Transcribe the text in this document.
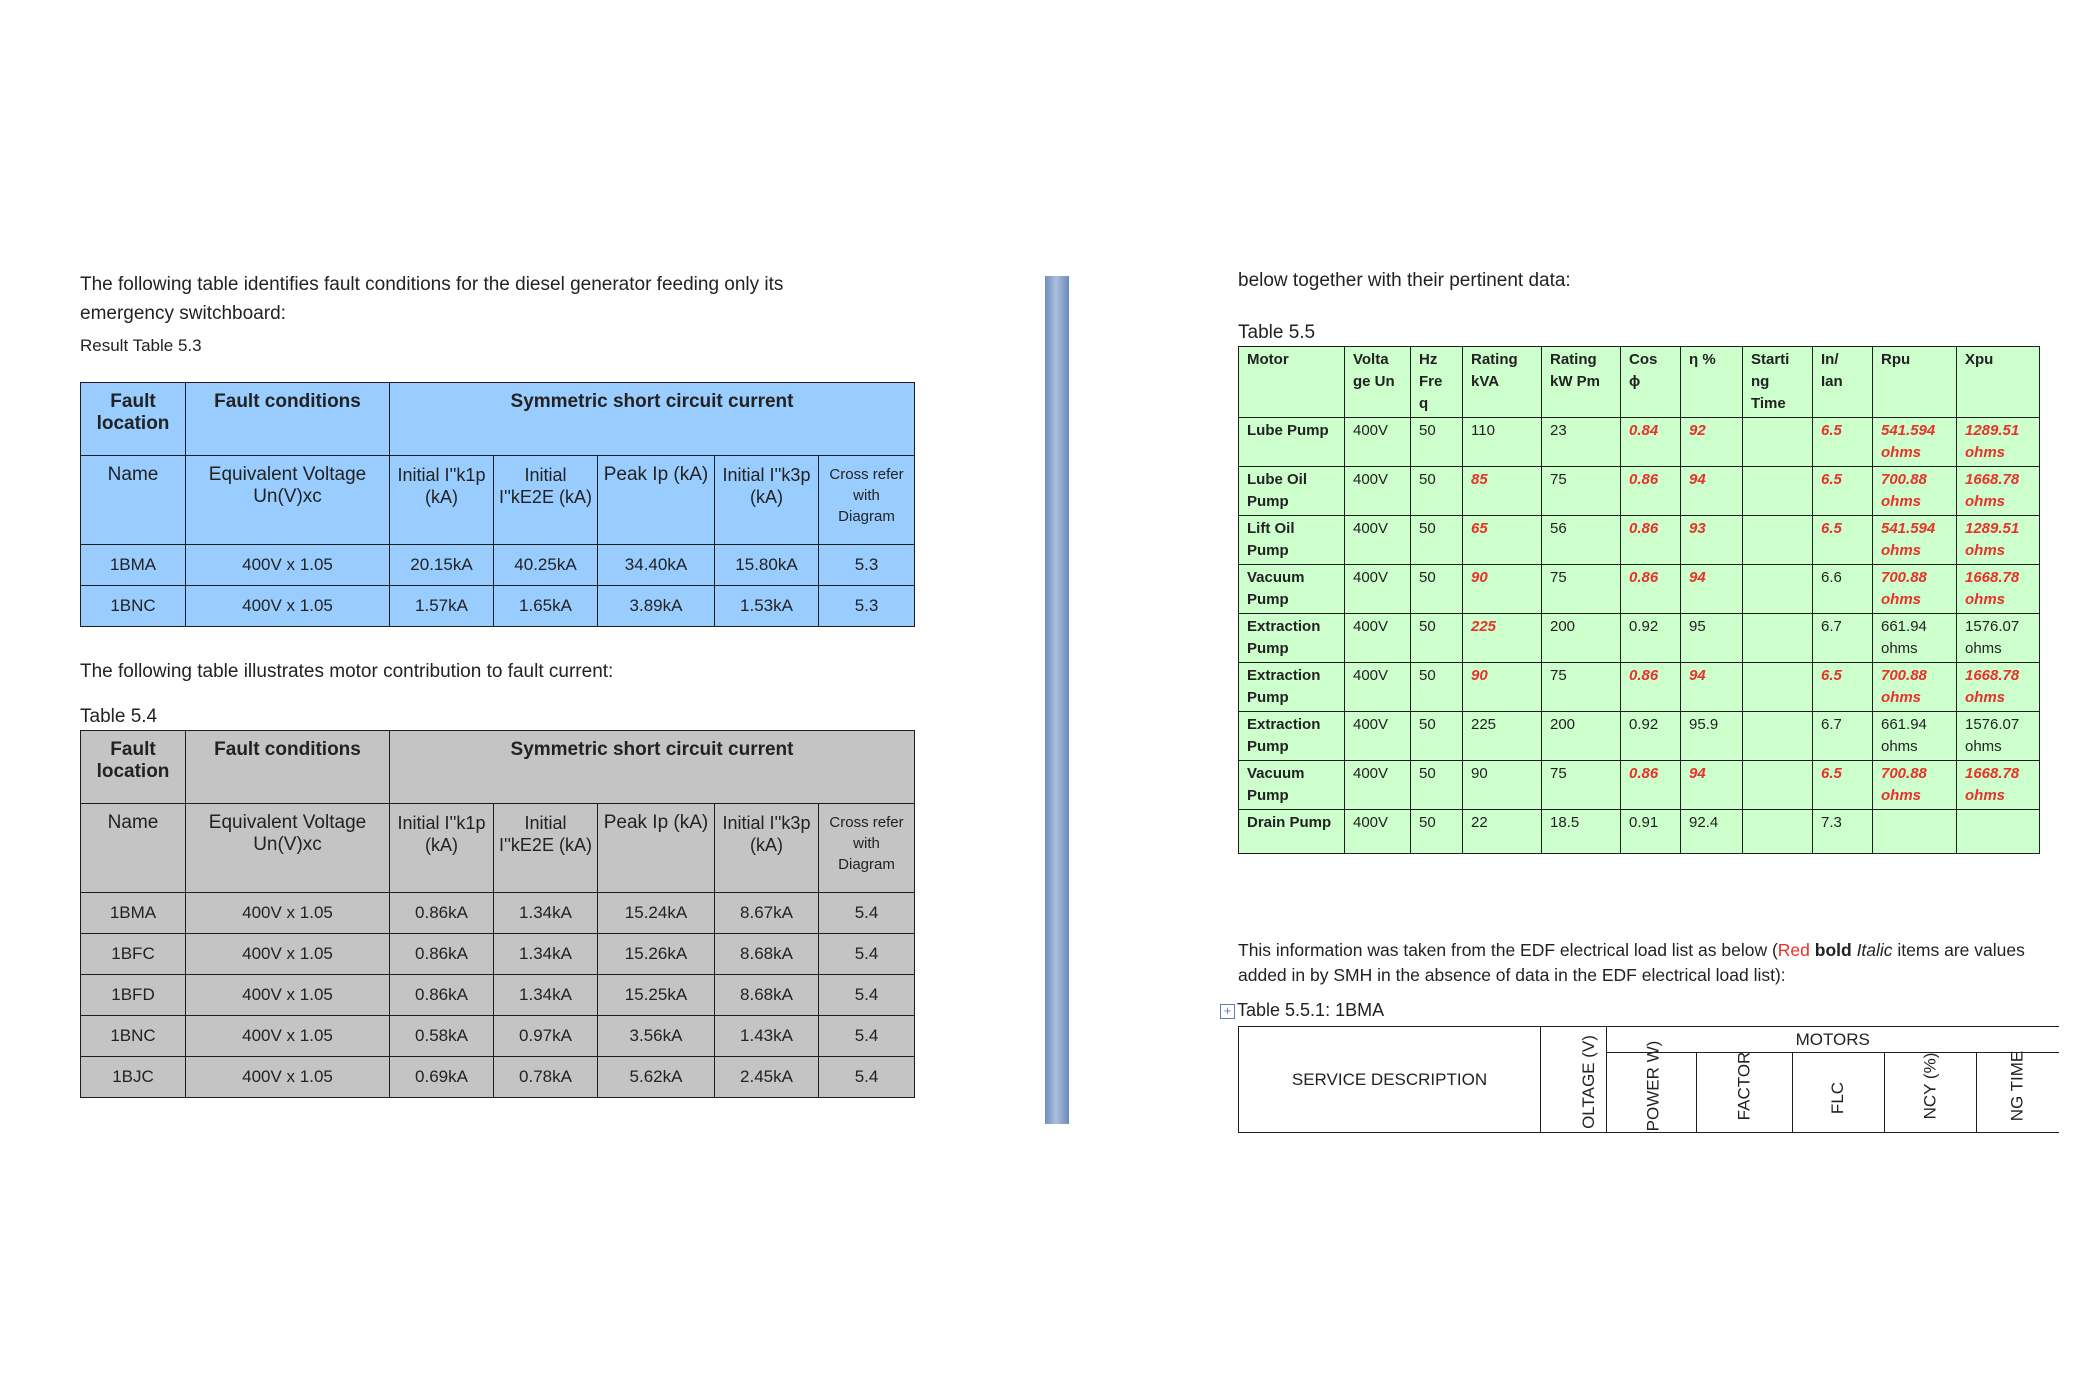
The following table identifies fault conditions for the diesel generator feeding only its emergency switchboard:

Result Table 5.3

Fault location	Fault conditions	Symmetric short circuit current				
Name	Equivalent Voltage Un(V)xc	Initial I''k1p (kA)	Initial I''kE2E (kA)	Peak Ip (kA)	Initial I''k3p (kA)	Cross refer with Diagram
1BMA	400V x 1.05	20.15kA	40.25kA	34.40kA	15.80kA	5.3
1BNC	400V x 1.05	1.57kA	1.65kA	3.89kA	1.53kA	5.3

The following table illustrates motor contribution to fault current:

Table 5.4

Fault location	Fault conditions	Symmetric short circuit current				
Name	Equivalent Voltage Un(V)xc	Initial I''k1p (kA)	Initial I''kE2E (kA)	Peak Ip (kA)	Initial I''k3p (kA)	Cross refer with Diagram
1BMA	400V x 1.05	0.86kA	1.34kA	15.24kA	8.67kA	5.4
1BFC	400V x 1.05	0.86kA	1.34kA	15.26kA	8.68kA	5.4
1BFD	400V x 1.05	0.86kA	1.34kA	15.25kA	8.68kA	5.4
1BNC	400V x 1.05	0.58kA	0.97kA	3.56kA	1.43kA	5.4
1BJC	400V x 1.05	0.69kA	0.78kA	5.62kA	2.45kA	5.4

below together with their pertinent data:

Table 5.5

Motor	Volta ge Un	Hz Fre q	Rating kVA	Rating kW Pm	Cos ϕ	η %	Starti ng Time	In/ Ian	Rpu	Xpu
Lube Pump	400V	50	110	23	0.84	92		6.5	541.594 ohms	1289.51 ohms
Lube Oil Pump	400V	50	85	75	0.86	94		6.5	700.88 ohms	1668.78 ohms
Lift Oil Pump	400V	50	65	56	0.86	93		6.5	541.594 ohms	1289.51 ohms
Vacuum Pump	400V	50	90	75	0.86	94		6.6	700.88 ohms	1668.78 ohms
Extraction Pump	400V	50	225	200	0.92	95		6.7	661.94 ohms	1576.07 ohms
Extraction Pump	400V	50	90	75	0.86	94		6.5	700.88 ohms	1668.78 ohms
Extraction Pump	400V	50	225	200	0.92	95.9		6.7	661.94 ohms	1576.07 ohms
Vacuum Pump	400V	50	90	75	0.86	94		6.5	700.88 ohms	1668.78 ohms
Drain Pump	400V	50	22	18.5	0.91	92.4		7.3		

This information was taken from the EDF electrical load list as below (Red bold Italic items are values added in by SMH in the absence of data in the EDF electrical load list):

+ Table 5.5.1: 1BMA

SERVICE DESCRIPTION	OLTAGE (V)	MOTORS				
		POWER W)	FACTOR	FLC	NCY (%)	NG TIME
